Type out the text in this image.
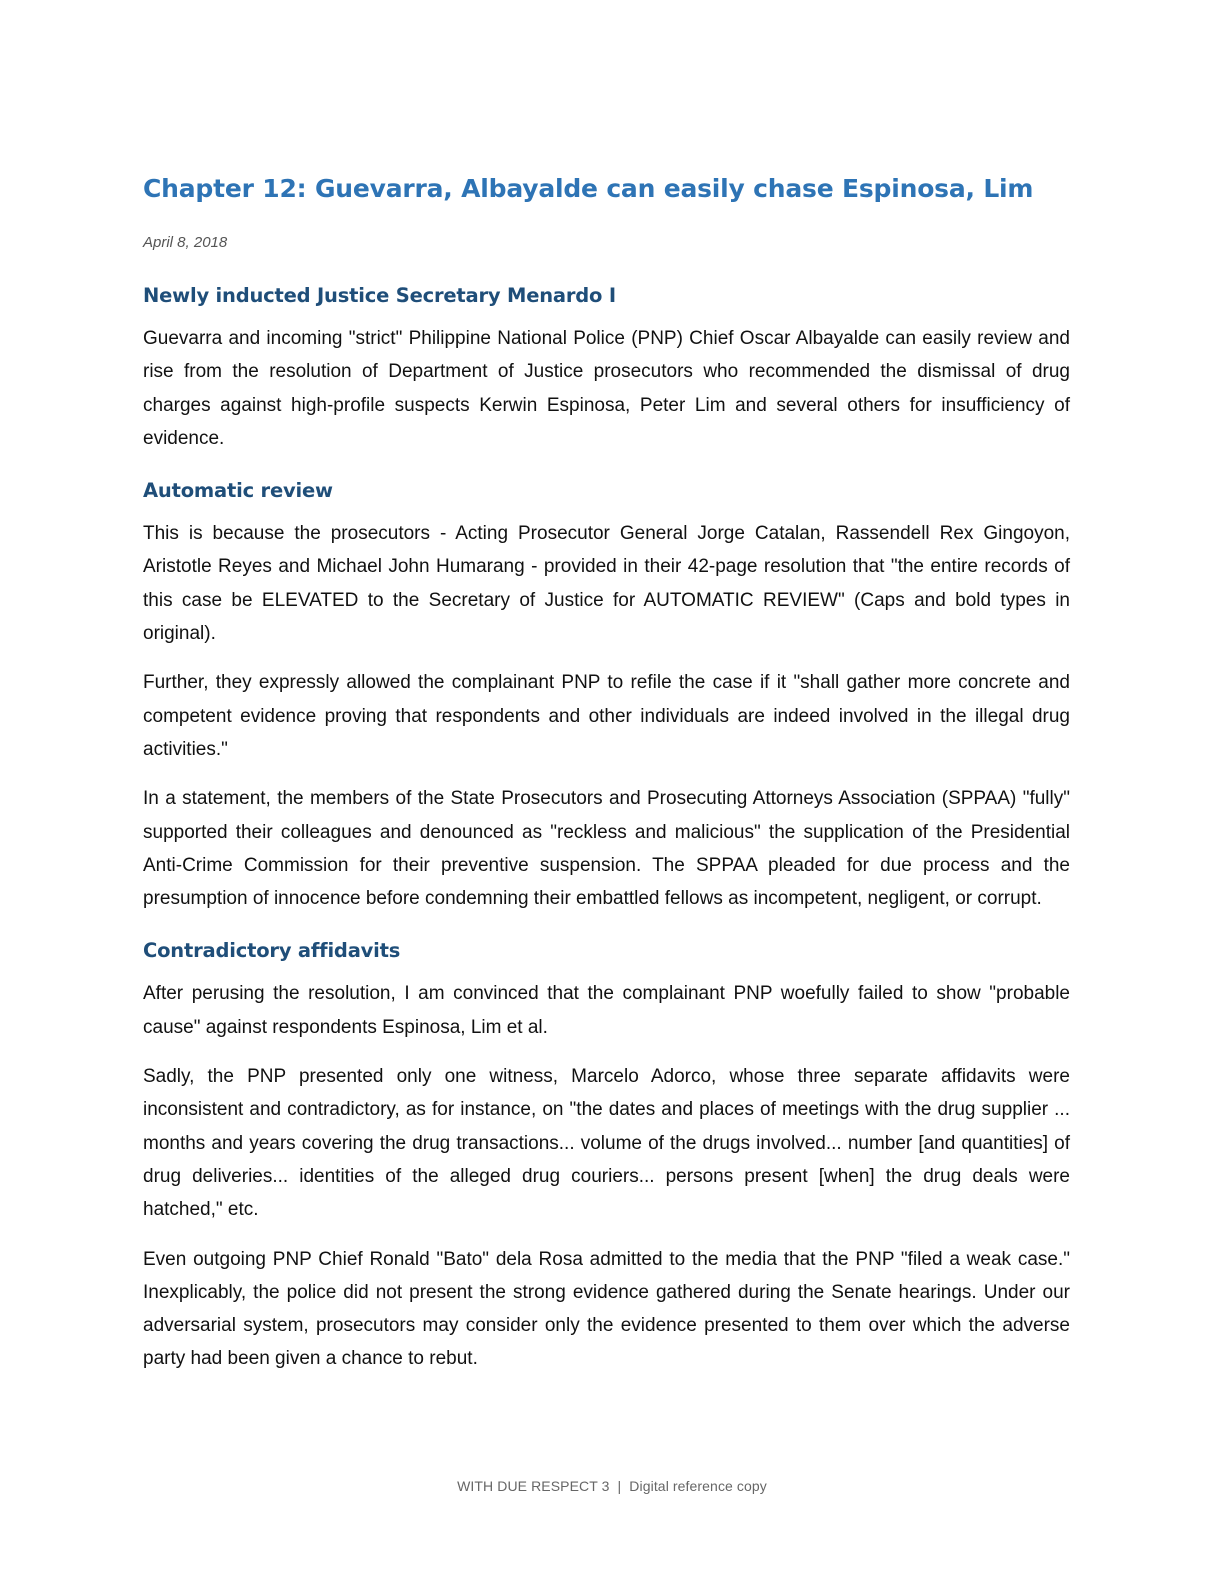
Chapter 12: Guevarra, Albayalde can easily chase Espinosa, Lim
April 8, 2018
Newly inducted Justice Secretary Menardo I

Guevarra and incoming "strict" Philippine National Police (PNP) Chief Oscar Albayalde can easily review and rise from the resolution of Department of Justice prosecutors who recommended the dismissal of drug charges against high-profile suspects Kerwin Espinosa, Peter Lim and several others for insufficiency of evidence.

Automatic review

This is because the prosecutors - Acting Prosecutor General Jorge Catalan, Rassendell Rex Gingoyon, Aristotle Reyes and Michael John Humarang - provided in their 42-page resolution that "the entire records of this case be ELEVATED to the Secretary of Justice for AUTOMATIC REVIEW" (Caps and bold types in original).

Further, they expressly allowed the complainant PNP to refile the case if it "shall gather more concrete and competent evidence proving that respondents and other individuals are indeed involved in the illegal drug activities."

In a statement, the members of the State Prosecutors and Prosecuting Attorneys Association (SPPAA) "fully" supported their colleagues and denounced as "reckless and malicious" the supplication of the Presidential Anti-Crime Commission for their preventive suspension. The SPPAA pleaded for due process and the presumption of innocence before condemning their embattled fellows as incompetent, negligent, or corrupt.

Contradictory affidavits

After perusing the resolution, I am convinced that the complainant PNP woefully failed to show "probable cause" against respondents Espinosa, Lim et al.

Sadly, the PNP presented only one witness, Marcelo Adorco, whose three separate affidavits were inconsistent and contradictory, as for instance, on "the dates and places of meetings with the drug supplier ... months and years covering the drug transactions... volume of the drugs involved... number [and quantities] of drug deliveries... identities of the alleged drug couriers... persons present [when] the drug deals were hatched," etc.

Even outgoing PNP Chief Ronald "Bato" dela Rosa admitted to the media that the PNP "filed a weak case." Inexplicably, the police did not present the strong evidence gathered during the Senate hearings. Under our adversarial system, prosecutors may consider only the evidence presented to them over which the adverse party had been given a chance to rebut.

WITH DUE RESPECT 3 | Digital reference copy
